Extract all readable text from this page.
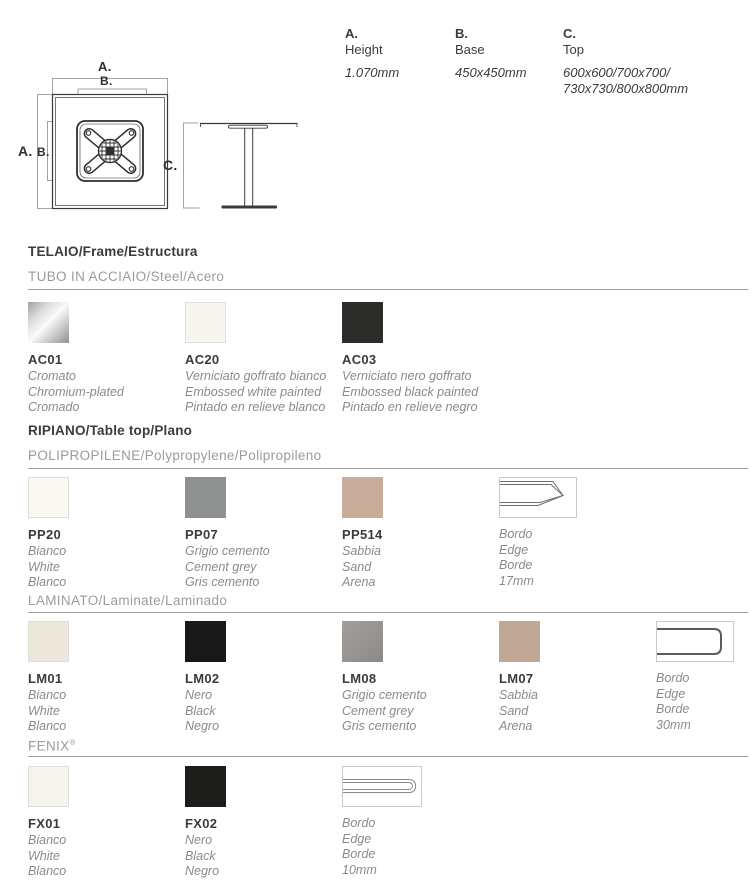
A.
B.
A. B.
C.
A.
Height
1.070mm
B.
Base
450x450mm
C.
Top
600x600/700x700/
730x730/800x800mm
TELAIO/Frame/Estructura
TUBO IN ACCIAIO/Steel/Acero
AC01
Cromato
Chromium-plated
Cromado
AC20
Verniciato goffrato bianco
Embossed white painted
Pintado en relieve blanco
AC03
Verniciato nero goffrato
Embossed black painted
Pintado en relieve negro
RIPIANO/Table top/Plano
POLIPROPILENE/Polypropylene/Polipropileno
PP20
Bianco
White
Blanco
PP07
Grigio cemento
Cement grey
Gris cemento
PP514
Sabbia
Sand
Arena
Bordo
Edge
Borde
17mm
LAMINATO/Laminate/Laminado
LM01
Bianco
White
Blanco
LM02
Nero
Black
Negro
LM08
Grigio cemento
Cement grey
Gris cemento
LM07
Sabbia
Sand
Arena
Bordo
Edge
Borde
30mm
FENIX®
FX01
Bianco
White
Blanco
FX02
Nero
Black
Negro
Bordo
Edge
Borde
10mm
